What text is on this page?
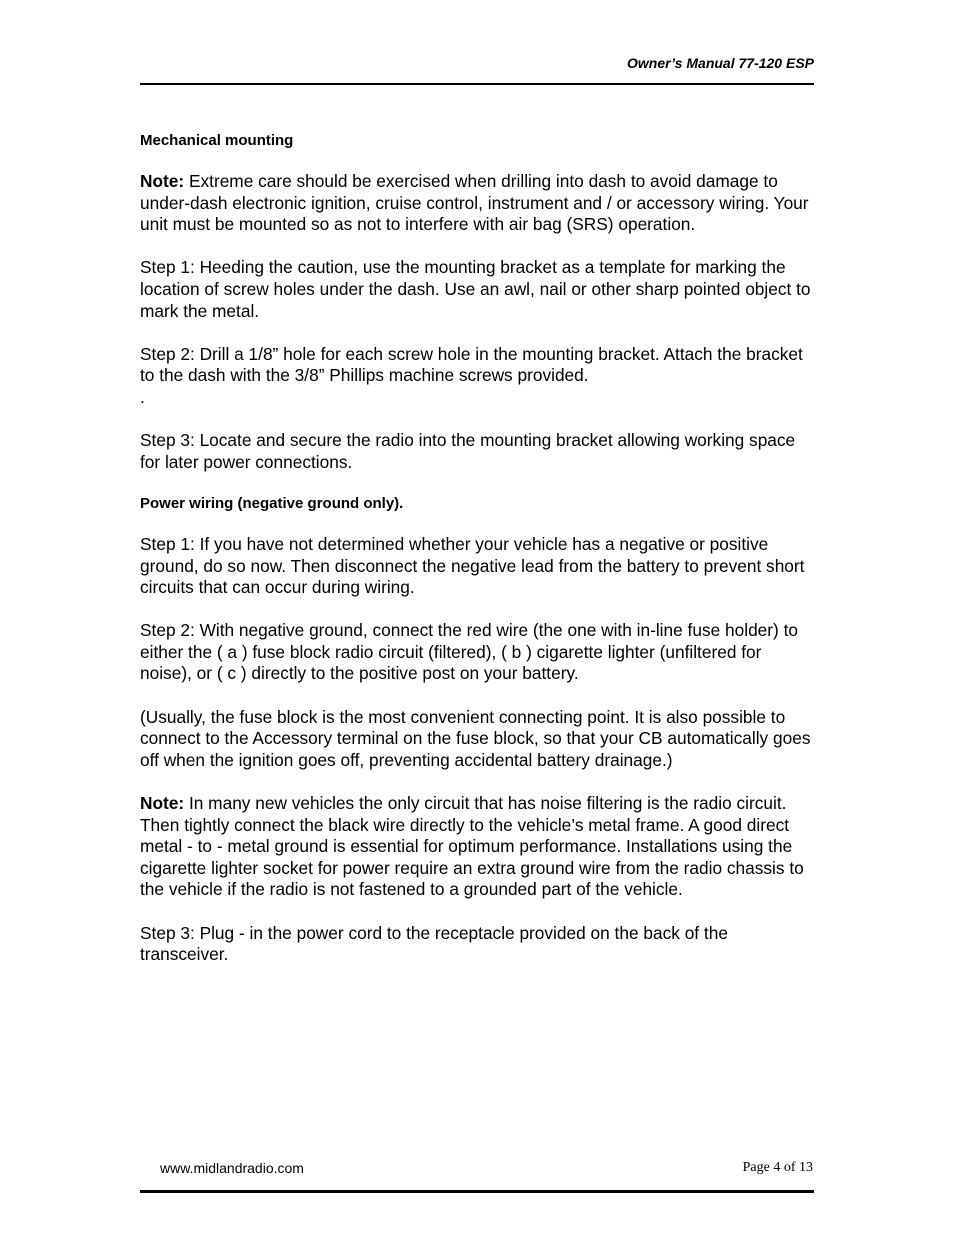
Owner’s Manual 77-120 ESP

Mechanical mounting

Note: Extreme care should be exercised when drilling into dash to avoid damage to under-dash electronic ignition, cruise control, instrument and / or accessory wiring. Your unit must be mounted so as not to interfere with air bag (SRS) operation.

Step 1: Heeding the caution, use the mounting bracket as a template for marking the location of screw holes under the dash. Use an awl, nail or other sharp pointed object to mark the metal.

Step 2: Drill a 1/8” hole for each screw hole in the mounting bracket. Attach the bracket to the dash with the 3/8” Phillips machine screws provided.

.

Step 3: Locate and secure the radio into the mounting bracket allowing working space for later power connections.

Power wiring (negative ground only).

Step 1: If you have not determined whether your vehicle has a negative or positive ground, do so now. Then disconnect the negative lead from the battery to prevent short circuits that can occur during wiring.

Step 2: With negative ground, connect the red wire (the one with in-line fuse holder) to either the ( a ) fuse block radio circuit (filtered), ( b ) cigarette lighter (unfiltered for noise), or ( c ) directly to the positive post on your battery.

(Usually, the fuse block is the most convenient connecting point. It is also possible to connect to the Accessory terminal on the fuse block, so that your CB automatically goes off when the ignition goes off, preventing accidental battery drainage.)

Note: In many new vehicles the only circuit that has noise filtering is the radio circuit. Then tightly connect the black wire directly to the vehicle’s metal frame. A good direct metal - to - metal ground is essential for optimum performance. Installations using the cigarette lighter socket for power require an extra ground wire from the radio chassis to the vehicle if the radio is not fastened to a grounded part of the vehicle.

Step 3: Plug - in the power cord to the receptacle provided on the back of the transceiver.

www.midlandradio.com	Page 4 of 13
